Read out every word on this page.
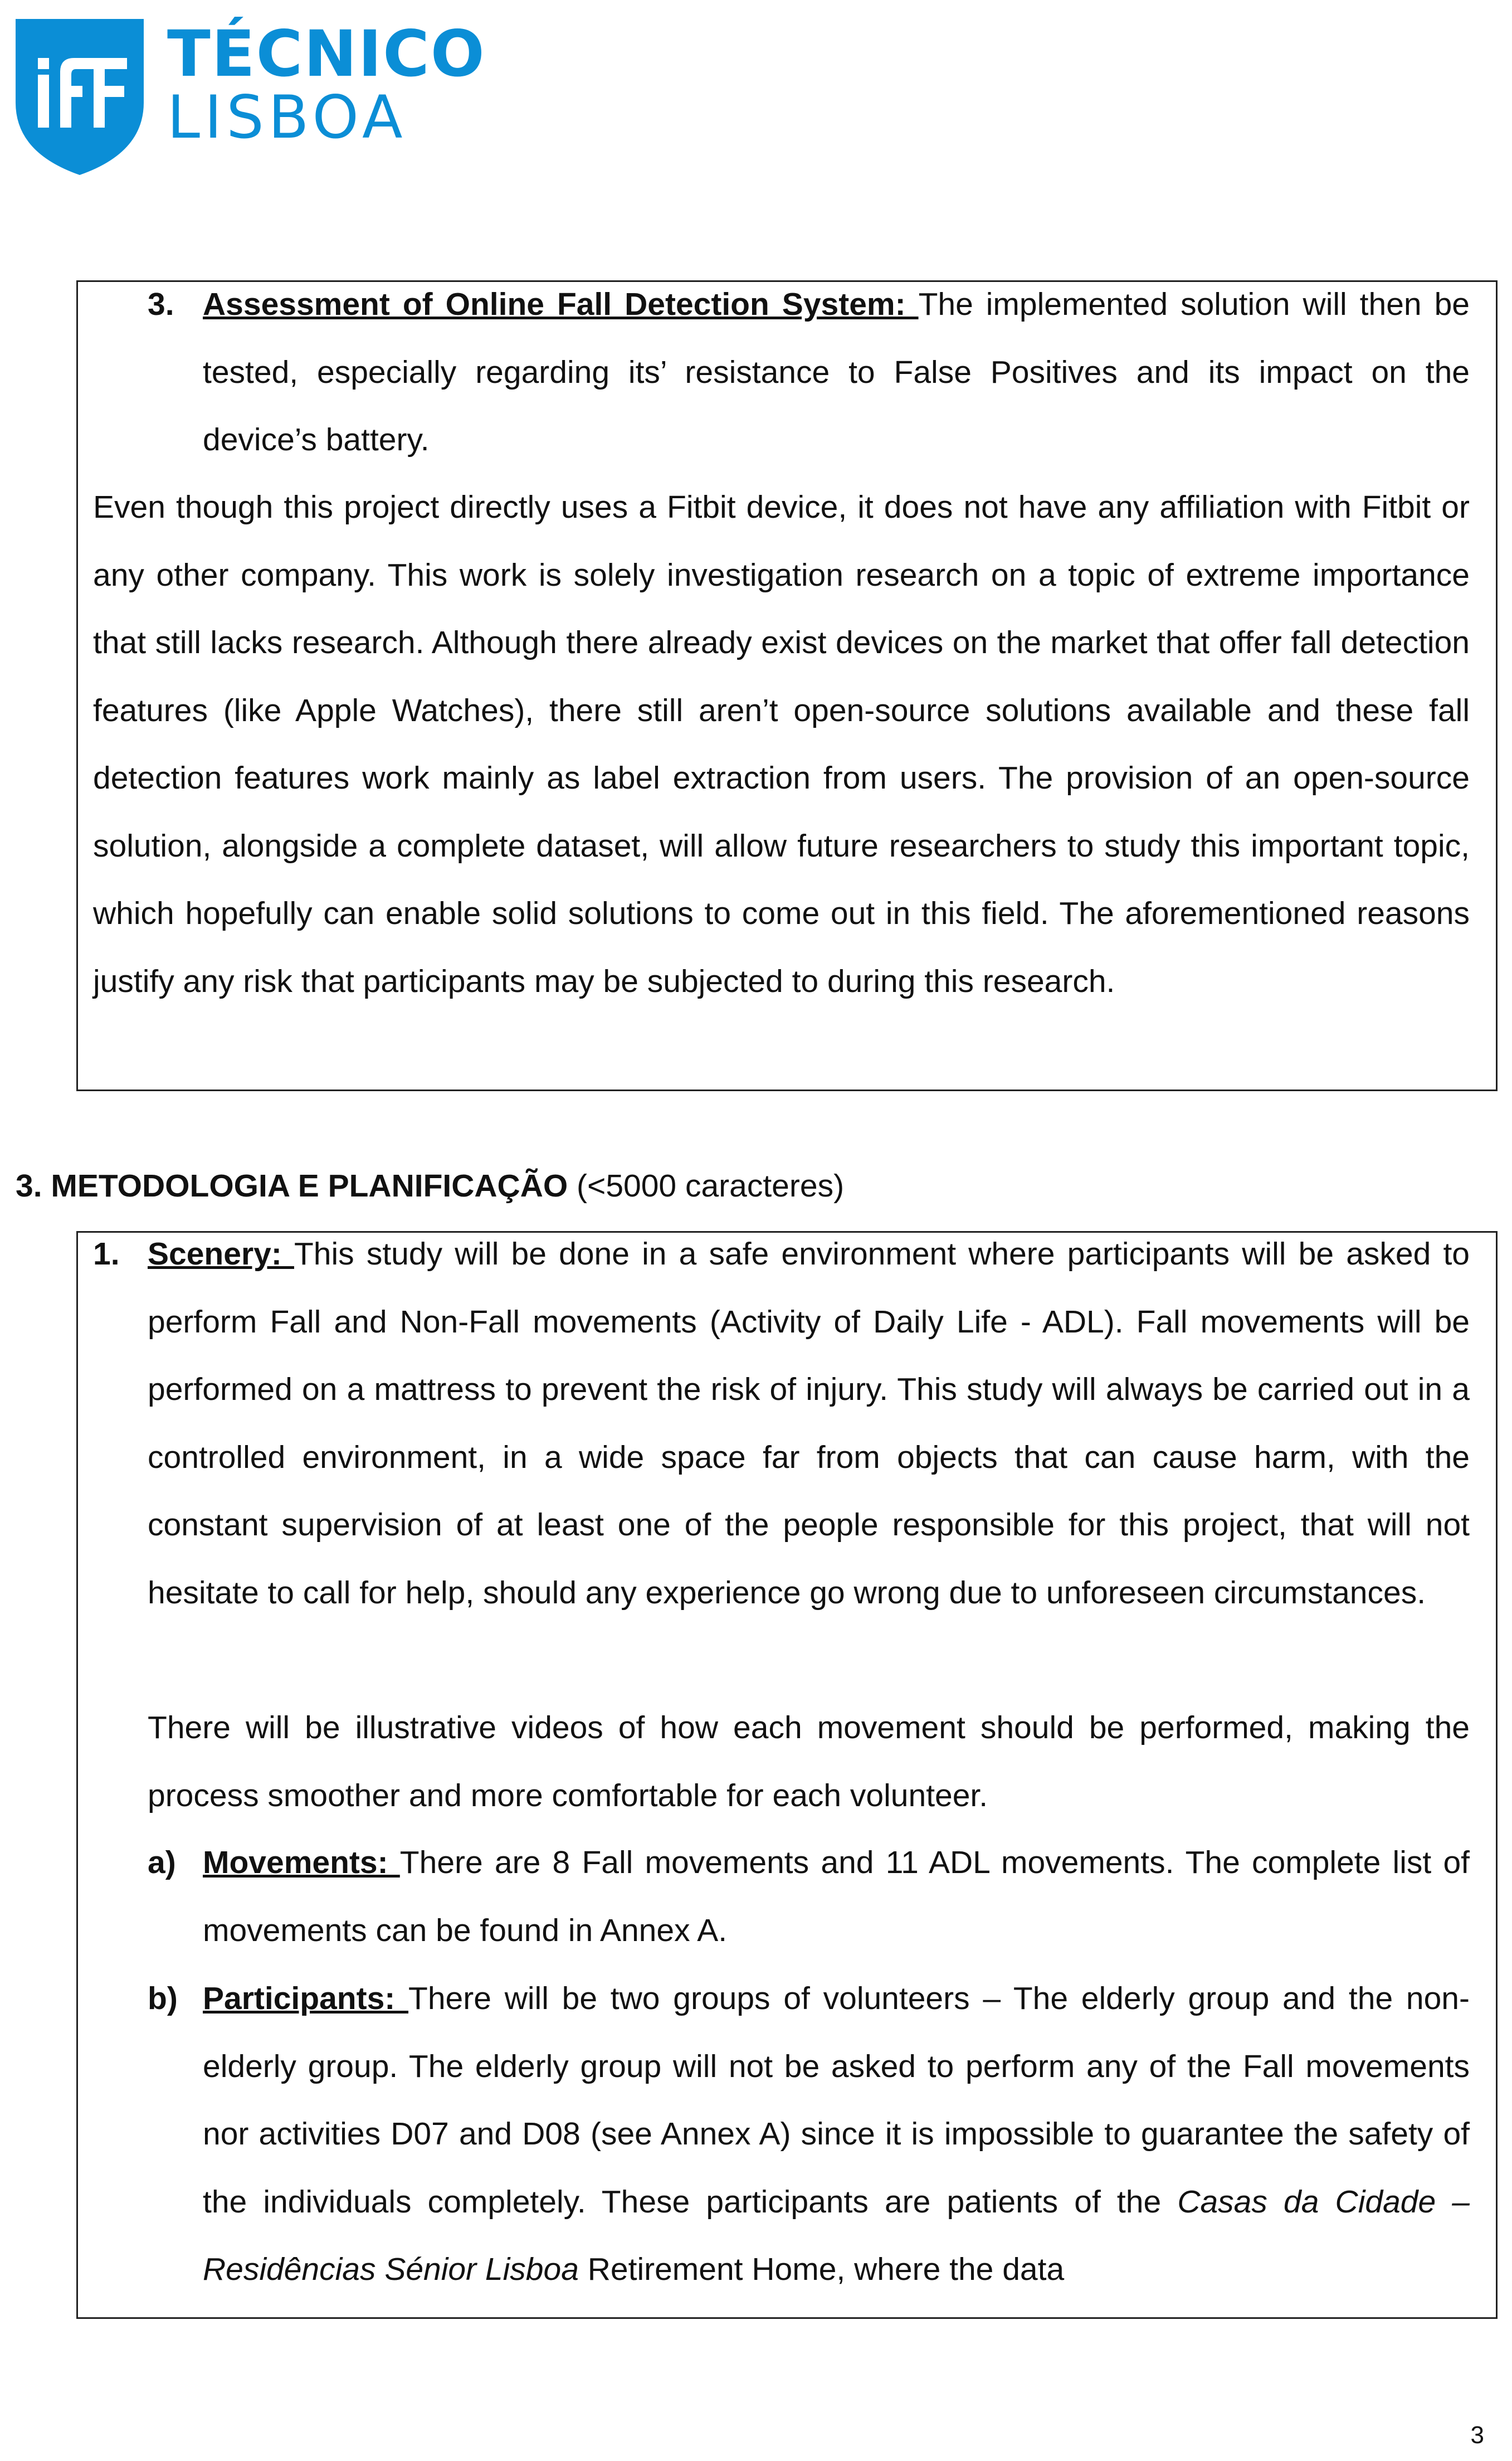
TÉCNICO
LISBOA

3. Assessment of Online Fall Detection System: The implemented solution will then be tested, especially regarding its’ resistance to False Positives and its impact on the device’s battery.

Even though this project directly uses a Fitbit device, it does not have any affiliation with Fitbit or any other company. This work is solely investigation research on a topic of extreme importance that still lacks research. Although there already exist devices on the market that offer fall detection features (like Apple Watches), there still aren’t open-source solutions available and these fall detection features work mainly as label extraction from users. The provision of an open-source solution, alongside a complete dataset, will allow future researchers to study this important topic, which hopefully can enable solid solutions to come out in this field. The aforementioned reasons justify any risk that participants may be subjected to during this research.

3. METODOLOGIA E PLANIFICAÇÃO (<5000 caracteres)

1. Scenery: This study will be done in a safe environment where participants will be asked to perform Fall and Non-Fall movements (Activity of Daily Life - ADL). Fall movements will be performed on a mattress to prevent the risk of injury. This study will always be carried out in a controlled environment, in a wide space far from objects that can cause harm, with the constant supervision of at least one of the people responsible for this project, that will not hesitate to call for help, should any experience go wrong due to unforeseen circumstances.

There will be illustrative videos of how each movement should be performed, making the process smoother and more comfortable for each volunteer.

a) Movements: There are 8 Fall movements and 11 ADL movements. The complete list of movements can be found in Annex A.

b) Participants: There will be two groups of volunteers – The elderly group and the non-elderly group. The elderly group will not be asked to perform any of the Fall movements nor activities D07 and D08 (see Annex A) since it is impossible to guarantee the safety of the individuals completely. These participants are patients of the Casas da Cidade – Residências Sénior Lisboa Retirement Home, where the data

3
